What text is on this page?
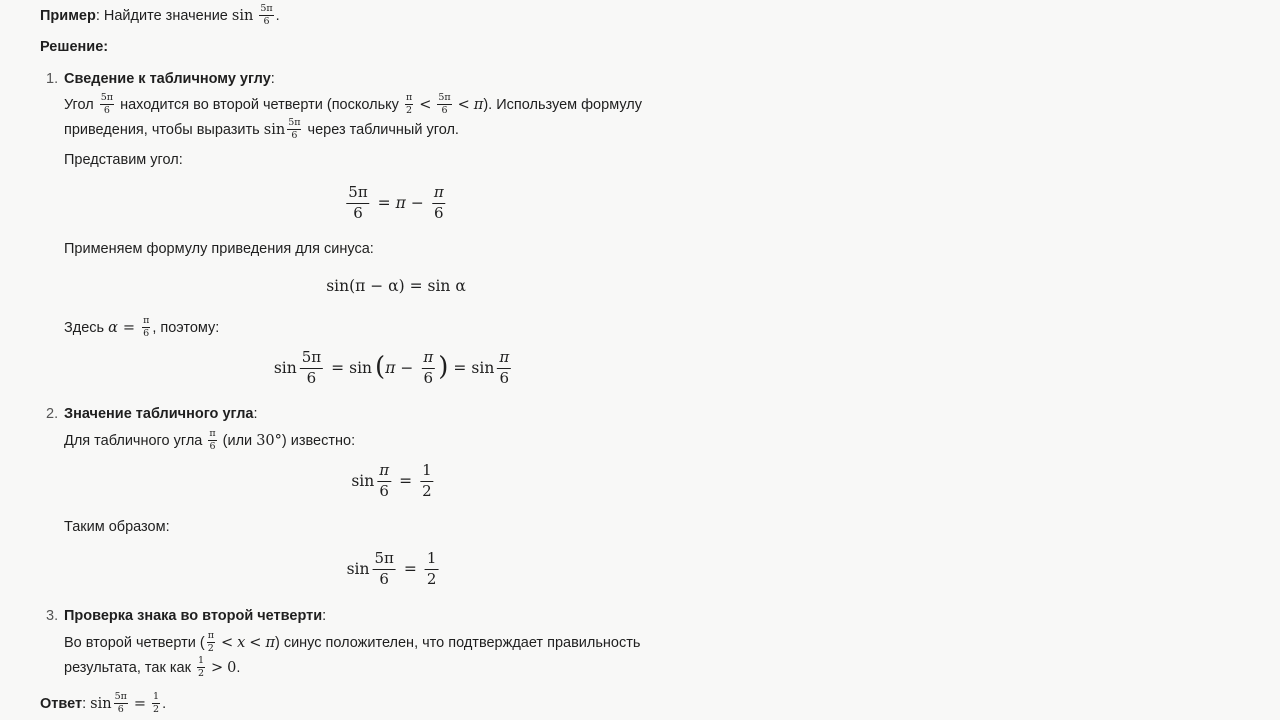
Пример: Найдите значение $\sin \frac{5\pi}{6}$ .
Решение:
1. Сведение к табличному углу:
Угол $\frac{5\pi}{6}$ находится во второй четверти (поскольку $\frac{\pi}{2} < \frac{5\pi}{6} < \pi$). Используем формулу
приведения, чтобы выразить $\sin \frac{5\pi}{6}$ через табличный угол.
Представим угол:
$\frac{5\pi}{6} = \pi - \frac{\pi}{6}$
Применяем формулу приведения для синуса:
sin(π − α) = sin α
Здесь $\alpha = \frac{\pi}{6}$ , поэтому:
$\sin \frac{5\pi}{6} = \sin$ ( $\pi - \frac{\pi}{6}$ ) = $\sin \frac{\pi}{6}$
2. Значение табличного угла:
Для табличного угла $\frac{\pi}{6} (или$ 30°) известно:
$\sin \frac{\pi}{6} = \frac{1}{2}$
Таким образом:
$\sin \frac{5\pi}{6} = \frac{1}{2}$
3. Проверка знака во второй четверти:
Во второй четверти ( $\frac{\pi}{2} < x < \pi$) синус положителен, что подтверждает правильность
результата, так как $\frac{1}{2} > 0$.
Ответ: $\sin \frac{5\pi}{6} = \frac{1}{2}$ .
